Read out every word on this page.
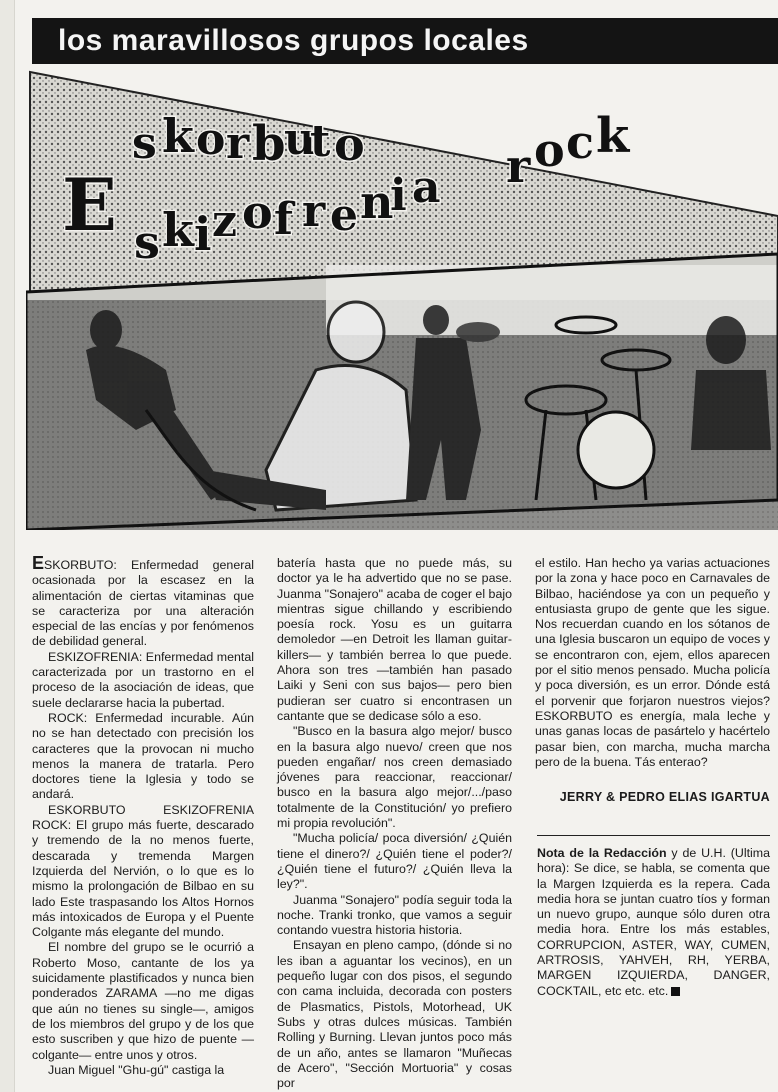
los maravillosos grupos locales
E
s k o r b
u
t o
s k i z o f r e n
i a r o c k

ESKORBUTO: Enfermedad general ocasionada por la escasez en la alimentación de ciertas vitaminas que se caracteriza por una alteración especial de las encías y por fenómenos de debilidad general.

ESKIZOFRENIA: Enfermedad mental caracterizada por un trastorno en el proceso de la asociación de ideas, que suele declararse hacia la pubertad.

ROCK: Enfermedad incurable. Aún no se han detectado con precisión los caracteres que la provocan ni mucho menos la manera de tratarla. Pero doctores tiene la Iglesia y todo se andará.

ESKORBUTO ESKIZOFRENIA ROCK: El grupo más fuerte, descarado y tremendo de la no menos fuerte, descarada y tremenda Margen Izquierda del Nervión, o lo que es lo mismo la prolongación de Bilbao en su lado Este traspasando los Altos Hornos más intoxicados de Europa y el Puente Colgante más elegante del mundo.

El nombre del grupo se le ocurrió a Roberto Moso, cantante de los ya suicidamente plastificados y nunca bien ponderados ZARAMA —no me digas que aún no tienes su single—, amigos de los miembros del grupo y de los que esto suscriben y que hizo de puente —colgante— entre unos y otros.

Juan Miguel "Ghu-gú" castiga la

batería hasta que no puede más, su doctor ya le ha advertido que no se pase. Juanma "Sonajero" acaba de coger el bajo mientras sigue chillando y escribiendo poesía rock. Yosu es un guitarra demoledor —en Detroit les llaman guitar-killers— y también berrea lo que puede. Ahora son tres —también han pasado Laiki y Seni con sus bajos— pero bien pudieran ser cuatro si encontrasen un cantante que se dedicase sólo a eso.

"Busco en la basura algo mejor/ busco en la basura algo nuevo/ creen que nos pueden engañar/ nos creen demasiado jóvenes para reaccionar, reaccionar/ busco en la basura algo mejor/.../paso totalmente de la Constitución/ yo prefiero mi propia revolución".

"Mucha policía/ poca diversión/ ¿Quién tiene el dinero?/ ¿Quién tiene el poder?/ ¿Quién tiene el futuro?/ ¿Quién lleva la ley?".

Juanma "Sonajero" podía seguir toda la noche. Tranki tronko, que vamos a seguir contando vuestra historia historia.

Ensayan en pleno campo, (dónde si no les iban a aguantar los vecinos), en un pequeño lugar con dos pisos, el segundo con cama incluida, decorada con posters de Plasmatics, Pistols, Motorhead, UK Subs y otras dulces músicas. También Rolling y Burning. Llevan juntos poco más de un año, antes se llamaron "Muñecas de Acero", "Sección Mortuoria" y cosas por

el estilo. Han hecho ya varias actuaciones por la zona y hace poco en Carnavales de Bilbao, haciéndose ya con un pequeño y entusiasta grupo de gente que les sigue. Nos recuerdan cuando en los sótanos de una Iglesia buscaron un equipo de voces y se encontraron con, ejem, ellos aparecen por el sitio menos pensado. Mucha policía y poca diversión, es un error. Dónde está el porvenir que forjaron nuestros viejos? ESKORBUTO es energía, mala leche y unas ganas locas de pasártelo y hacértelo pasar bien, con marcha, mucha marcha pero de la buena. Tás enterao?

JERRY & PEDRO ELIAS IGARTUA

Nota de la Redacción y de U.H. (Ultima hora): Se dice, se habla, se comenta que la Margen Izquierda es la repera. Cada media hora se juntan cuatro tíos y forman un nuevo grupo, aunque sólo duren otra media hora. Entre los más estables, CORRUPCION, ASTER, WAY, CUMEN, ARTROSIS, YAHVEH, RH, YERBA, MARGEN IZQUIERDA, DANGER, COCKTAIL, etc etc. etc.
